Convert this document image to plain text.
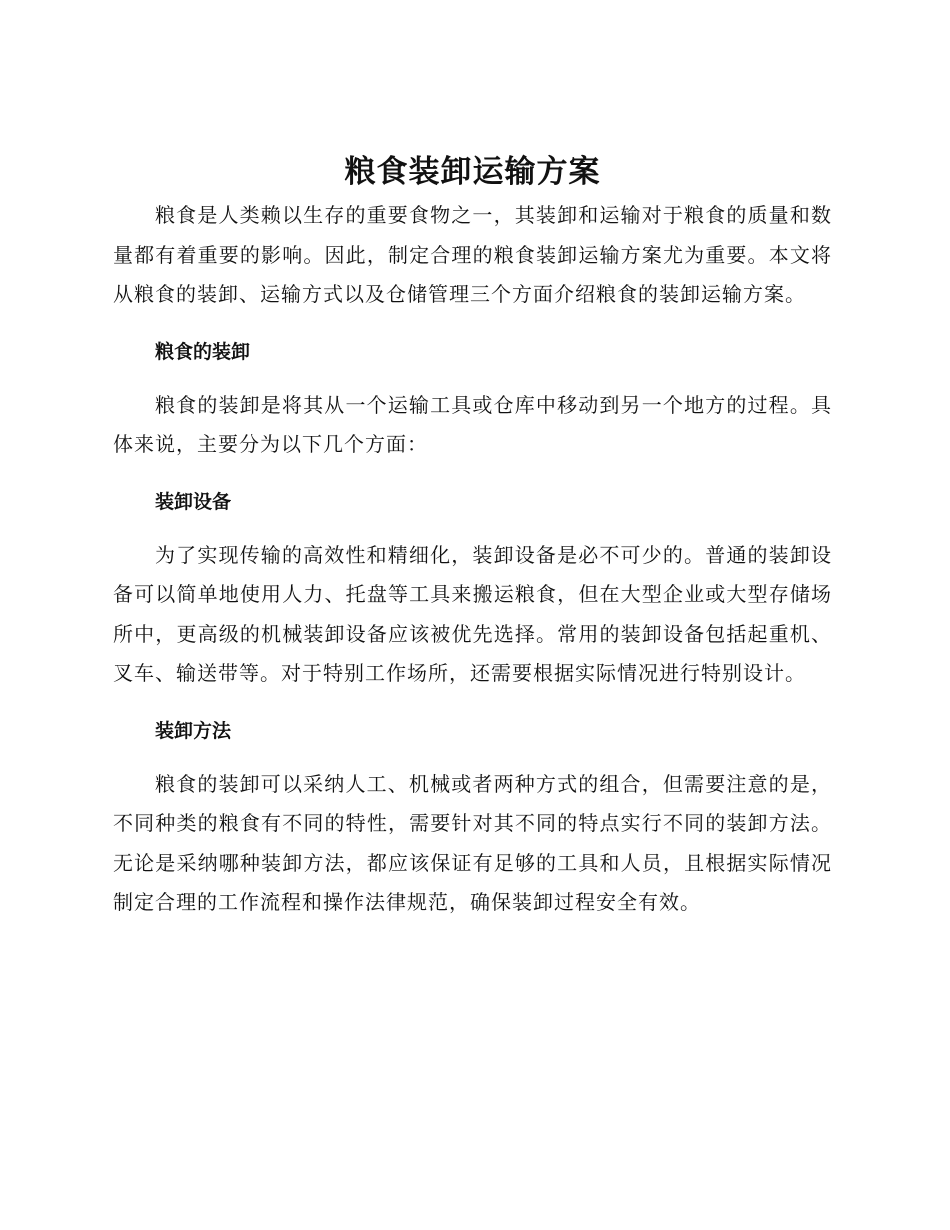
粮食装卸运输方案

粮食是人类赖以生存的重要食物之一，其装卸和运输对于粮食的质量和数量都有着重要的影响。因此，制定合理的粮食装卸运输方案尤为重要。本文将从粮食的装卸、运输方式以及仓储管理三个方面介绍粮食的装卸运输方案。

粮食的装卸

粮食的装卸是将其从一个运输工具或仓库中移动到另一个地方的过程。具体来说，主要分为以下几个方面：

装卸设备

为了实现传输的高效性和精细化，装卸设备是必不可少的。普通的装卸设备可以简单地使用人力、托盘等工具来搬运粮食，但在大型企业或大型存储场所中，更高级的机械装卸设备应该被优先选择。常用的装卸设备包括起重机、叉车、输送带等。对于特别工作场所，还需要根据实际情况进行特别设计。

装卸方法

粮食的装卸可以采纳人工、机械或者两种方式的组合，但需要注意的是，不同种类的粮食有不同的特性，需要针对其不同的特点实行不同的装卸方法。无论是采纳哪种装卸方法，都应该保证有足够的工具和人员，且根据实际情况制定合理的工作流程和操作法律规范，确保装卸过程安全有效。
